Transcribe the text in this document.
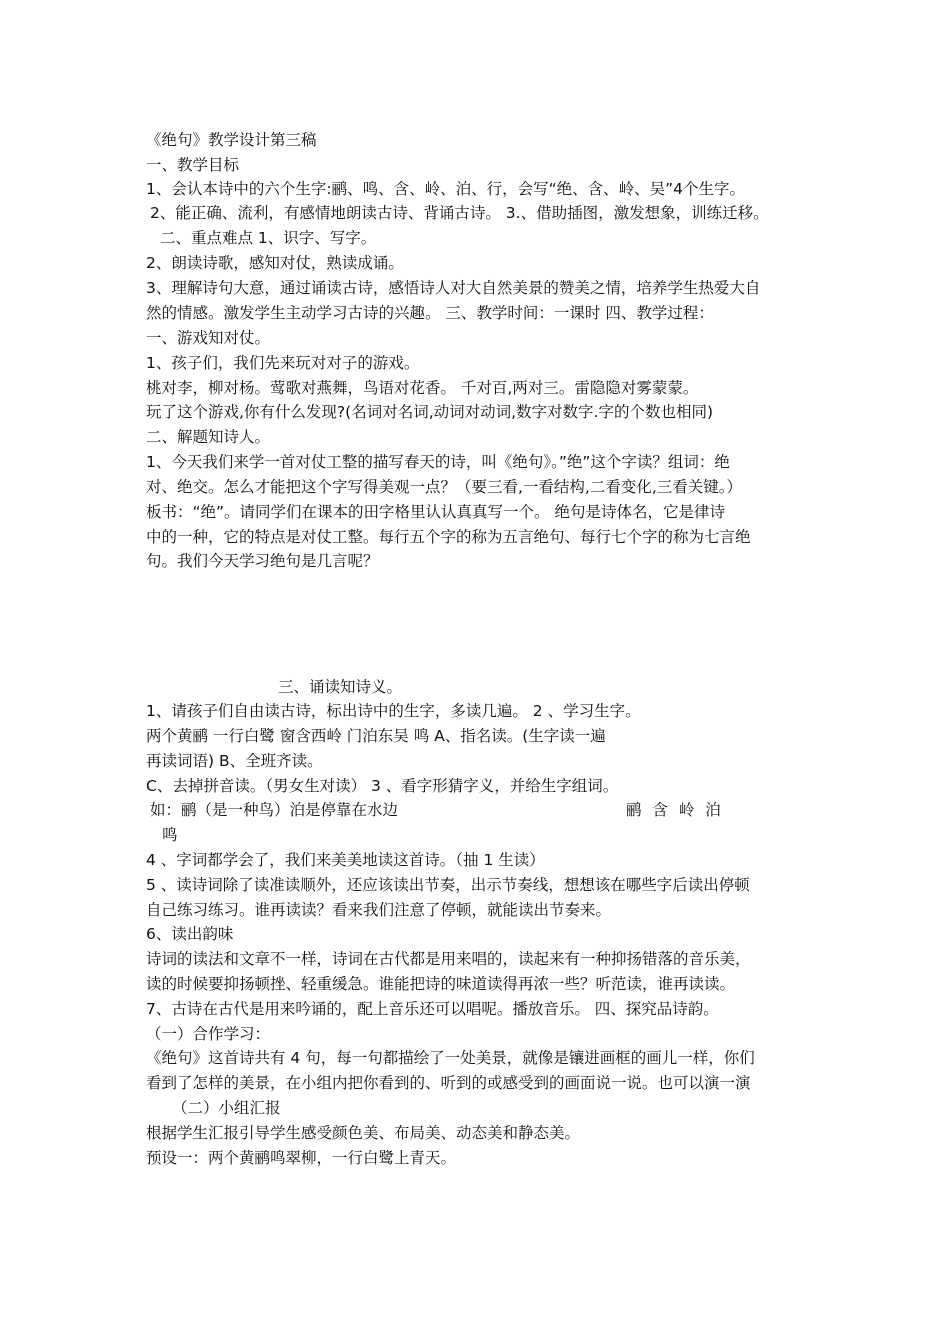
《绝句》教学设计第三稿
一、教学目标
1、会认本诗中的六个生字:鹂、鸣、含、岭、泊、行，会写“绝、含、岭、吴”4个生字。
2、能正确、流利，有感情地朗读古诗、背诵古诗。 3.、借助插图，激发想象，训练迁移。
二、重点难点 1、识字、写字。
2、朗读诗歌，感知对仗，熟读成诵。
3、理解诗句大意，通过诵读古诗，感悟诗人对大自然美景的赞美之情，培养学生热爱大自
然的情感。激发学生主动学习古诗的兴趣。 三、教学时间：一课时 四、教学过程：
一、游戏知对仗。
1、孩子们，我们先来玩对对子的游戏。
桃对李，柳对杨。莺歌对燕舞，鸟语对花香。 千对百,两对三。雷隐隐对雾蒙蒙。
玩了这个游戏,你有什么发现?(名词对名词,动词对动词,数字对数字.字的个数也相同)
二、解题知诗人。
1、今天我们来学一首对仗工整的描写春天的诗，叫《绝句》。”绝”这个字读？组词：绝
对、绝交。怎么才能把这个字写得美观一点？（要三看,一看结构,二看变化,三看关键。）
板书：“绝”。请同学们在课本的田字格里认认真真写一个。 绝句是诗体名，它是律诗
中的一种，它的特点是对仗工整。每行五个字的称为五言绝句、每行七个字的称为七言绝
句。我们今天学习绝句是几言呢？
三、诵读知诗义。
1、请孩子们自由读古诗，标出诗中的生字，多读几遍。 2 、学习生字。
两个黄鹂 一行白鹭 窗含西岭 门泊东吴 鸣 A、指名读。(生字读一遍
再读词语) B、全班齐读。
C、去掉拼音读。（男女生对读） 3 、看字形猜字义，并给生字组词。
如：鹂（是一种鸟）泊是停靠在水边	鹂 含 岭 泊
鸣
4 、字词都学会了，我们来美美地读这首诗。（抽 1 生读）
5 、读诗词除了读准读顺外，还应该读出节奏，出示节奏线，想想该在哪些字后读出停顿
自己练习练习。谁再读读？看来我们注意了停顿，就能读出节奏来。
6、读出韵味
诗词的读法和文章不一样，诗词在古代都是用来唱的，读起来有一种抑扬错落的音乐美，
读的时候要抑扬顿挫、轻重缓急。谁能把诗的味道读得再浓一些？听范读，谁再读读。
7、古诗在古代是用来吟诵的，配上音乐还可以唱呢。播放音乐。 四、探究品诗韵。
（一）合作学习：
《绝句》这首诗共有 4 句，每一句都描绘了一处美景，就像是镶进画框的画儿一样，你们
看到了怎样的美景，在小组内把你看到的、听到的或感受到的画面说一说。也可以演一演
（二）小组汇报
根据学生汇报引导学生感受颜色美、布局美、动态美和静态美。
预设一：两个黄鹂鸣翠柳，一行白鹭上青天。
